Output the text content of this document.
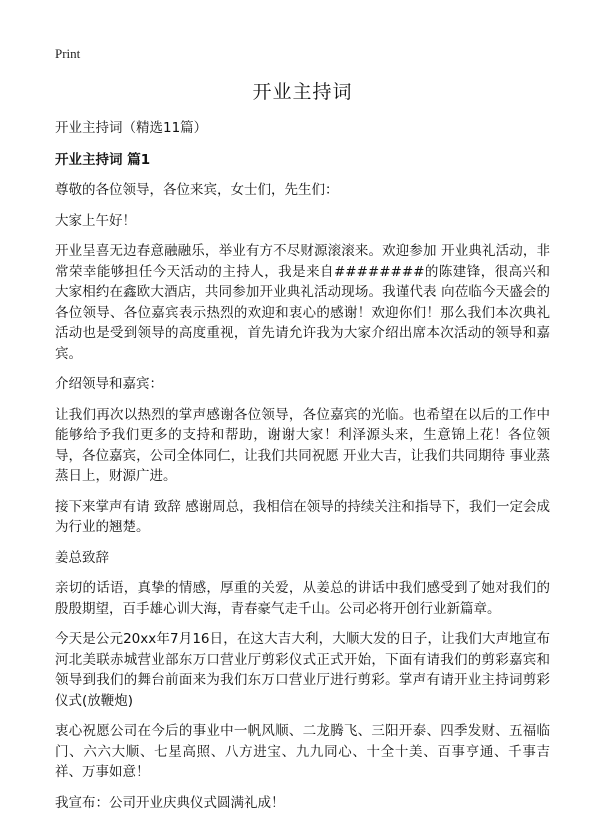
Print
开业主持词

开业主持词（精选11篇）

开业主持词 篇1

尊敬的各位领导，各位来宾，女士们，先生们：

大家上午好！

开业呈喜无边春意融融乐，举业有方不尽财源滚滚来。欢迎参加 开业典礼活动，非常荣幸能够担任今天活动的主持人，我是来自########的陈建锋，很高兴和大家相约在鑫欧大酒店，共同参加开业典礼活动现场。我谨代表 向莅临今天盛会的各位领导、各位嘉宾表示热烈的欢迎和衷心的感谢！欢迎你们！那么我们本次典礼活动也是受到领导的高度重视，首先请允许我为大家介绍出席本次活动的领导和嘉宾。

介绍领导和嘉宾：

让我们再次以热烈的掌声感谢各位领导，各位嘉宾的光临。也希望在以后的工作中能够给予我们更多的支持和帮助，谢谢大家！利泽源头来，生意锦上花！各位领导，各位嘉宾，公司全体同仁，让我们共同祝愿 开业大吉，让我们共同期待 事业蒸蒸日上，财源广进。

接下来掌声有请 致辞 感谢周总，我相信在领导的持续关注和指导下，我们一定会成为行业的翘楚。

姜总致辞

亲切的话语，真挚的情感，厚重的关爱，从姜总的讲话中我们感受到了她对我们的殷殷期望，百手雄心训大海，青春豪气走千山。公司必将开创行业新篇章。

今天是公元20xx年7月16日，在这大吉大利，大顺大发的日子，让我们大声地宣布河北美联赤城营业部东万口营业厅剪彩仪式正式开始，下面有请我们的剪彩嘉宾和领导到我们的舞台前面来为我们东万口营业厅进行剪彩。掌声有请开业主持词剪彩仪式(放鞭炮)

衷心祝愿公司在今后的事业中一帆风顺、二龙腾飞、三阳开泰、四季发财、五福临门、六六大顺、七星高照、八方进宝、九九同心、十全十美、百事亨通、千事吉祥、万事如意！

我宣布：公司开业庆典仪式圆满礼成！
